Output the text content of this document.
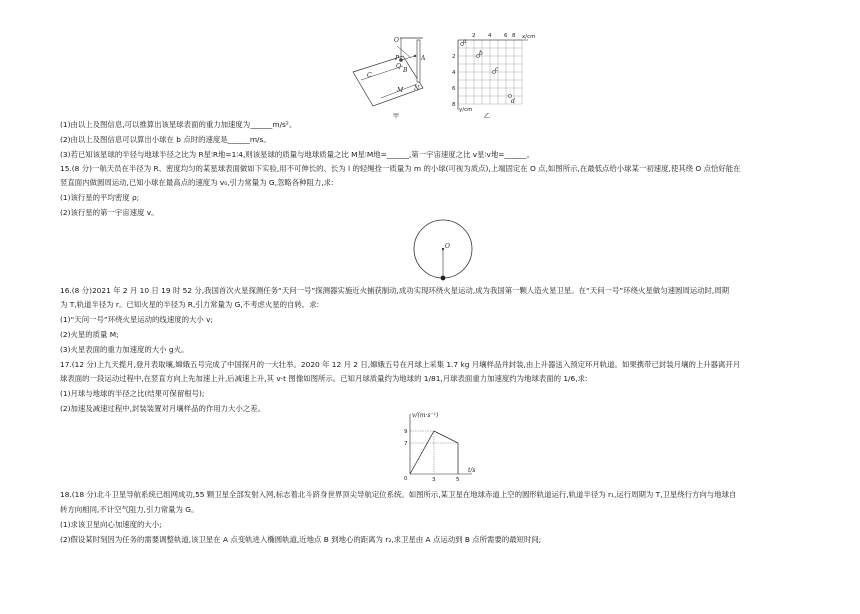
O
P
Q
A
B
C
M N
甲
x/cm
y/cm
2 4 6 8
2
4
6
8
a
b
c
d
乙
(1)由以上及图信息,可以推算出该星球表面的重力加速度为______m/s²。
(2)由以上及图信息可以算出小球在 b 点时的速度是______m/s。
(3)若已知该星球的半径与地球半径之比为 R星∶R地=1∶4,则该星球的质量与地球质量之比 M星∶M地=______,第一宇宙速度之比 v星∶v地=______。
15.(8 分)一航天员在半径为 R、密度均匀的某星球表面做如下实验,用不可伸长的、长为 l 的轻绳拴一质量为 m 的小球(可视为质点),上端固定在 O 点,如图所示,在最低点给小球某一初速度,使其绕 O 点恰好能在
竖直面内做圆周运动,已知小球在最高点的速度为 v₀,引力常量为 G,忽略各种阻力,求:
(1)该行星的平均密度 ρ;
(2)该行星的第一宇宙速度 v。
O
16.(8 分)2021 年 2 月 10 日 19 时 52 分,我国首次火星探测任务“天问一号”探测器实施近火捕获制动,成功实现环绕火星运动,成为我国第一颗人造火星卫星。在“天问一号”环绕火星做匀速圆周运动时,周期
为 T,轨道半径为 r。已知火星的半径为 R,引力常量为 G,不考虑火星的自转。求:
(1)“天问一号”环绕火星运动的线速度的大小 v;
(2)火星的质量 M;
(3)火星表面的重力加速度的大小 g火。
17.(12 分)上九天揽月,登月表取壤,嫦娥五号完成了中国探月的一大壮举。2020 年 12 月 2 日,嫦娥五号在月球上采集 1.7 kg 月壤样品并封装,由上升器送入预定环月轨道。如果携带已封装月壤的上升器离开月
球表面的一段运动过程中,在竖直方向上先加速上升,后减速上升,其 v-t 图像如图所示。已知月球质量约为地球的 1/81,月球表面重力加速度约为地球表面的 1/6,求:
(1)月球与地球的半径之比(结果可保留根号);
(2)加速及减速过程中,封装装置对月壤样品的作用力大小之差。
v/(m·s⁻¹)
t/s
9
7
0	3	5
18.(18 分)北斗卫星导航系统已组网成功,55 颗卫星全部发射入网,标志着北斗跻身世界顶尖导航定位系统。如图所示,某卫星在地球赤道上空的圆形轨道运行,轨道半径为 r₁,运行周期为 T,卫星绕行方向与地球自
转方向相同,不计空气阻力,引力常量为 G。
(1)求该卫星向心加速度的大小;
(2)假设某时刻因为任务的需要调整轨道,该卫星在 A 点变轨进入椭圆轨道,近地点 B 到地心的距离为 r₂,求卫星由 A 点运动到 B 点所需要的最短时间;
